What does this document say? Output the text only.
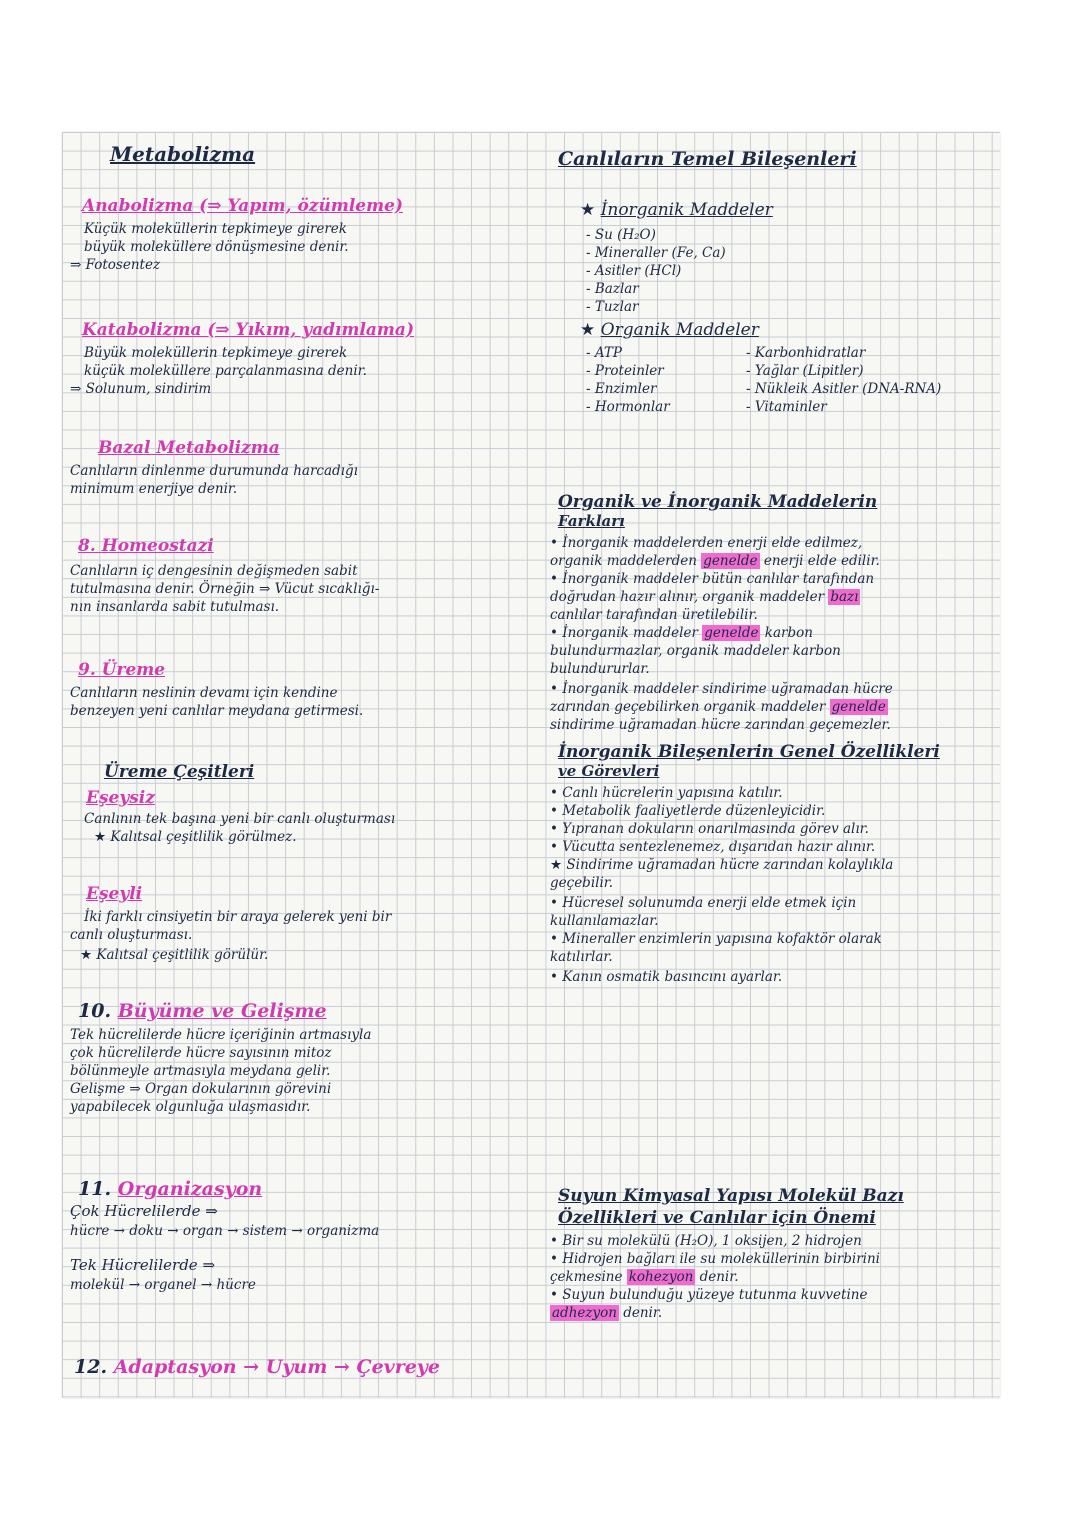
Metabolizma
Anabolizma (⇒ Yapım, özümleme)
Küçük moleküllerin tepkimeye girerek
büyük moleküllere dönüşmesine denir.
⇒ Fotosentez
Katabolizma (⇒ Yıkım, yadımlama)
Büyük moleküllerin tepkimeye girerek
küçük moleküllere parçalanmasına denir.
⇒ Solunum, sindirim
Bazal Metabolizma
Canlıların dinlenme durumunda harcadığı
minimum enerjiye denir.
8. Homeostazi
Canlıların iç dengesinin değişmeden sabit
tutulmasına denir. Örneğin ⇒ Vücut sıcaklığı-
nın insanlarda sabit tutulması.
9. Üreme
Canlıların neslinin devamı için kendine
benzeyen yeni canlılar meydana getirmesi.
Üreme Çeşitleri
Eşeysiz
Canlının tek başına yeni bir canlı oluşturması
★ Kalıtsal çeşitlilik görülmez.
Eşeyli
İki farklı cinsiyetin bir araya gelerek yeni bir
canlı oluşturması.
★ Kalıtsal çeşitlilik görülür.
10. Büyüme ve Gelişme
Tek hücrelilerde hücre içeriğinin artmasıyla
çok hücrelilerde hücre sayısının mitoz
bölünmeyle artmasıyla meydana gelir.
Gelişme ⇒ Organ dokularının görevini
yapabilecek olgunluğa ulaşmasıdır.
11. Organizasyon
Çok Hücrelilerde ⇒
hücre → doku → organ → sistem → organizma
Tek Hücrelilerde ⇒
molekül → organel → hücre
12. Adaptasyon → Uyum → Çevreye
Canlıların Temel Bileşenleri
★ İnorganik Maddeler
- Su (H₂O)
- Mineraller (Fe, Ca)
- Asitler (HCl)
- Bazlar
- Tuzlar
★ Organik Maddeler
- ATP
- Proteinler
- Enzimler
- Hormonlar
- Karbonhidratlar
- Yağlar (Lipitler)
- Nükleik Asitler (DNA-RNA)
- Vitaminler
Organik ve İnorganik Maddelerin
Farkları
• İnorganik maddelerden enerji elde edilmez,
organik maddelerden genelde enerji elde edilir.
• İnorganik maddeler bütün canlılar tarafından
doğrudan hazır alınır, organik maddeler bazı
canlılar tarafından üretilebilir.
• İnorganik maddeler genelde karbon
bulundurmazlar, organik maddeler karbon
bulundururlar.
• İnorganik maddeler sindirime uğramadan hücre
zarından geçebilirken organik maddeler genelde
sindirime uğramadan hücre zarından geçemezler.
İnorganik Bileşenlerin Genel Özellikleri
ve Görevleri
• Canlı hücrelerin yapısına katılır.
• Metabolik faaliyetlerde düzenleyicidir.
• Yıpranan dokuların onarılmasında görev alır.
• Vücutta sentezlenemez, dışarıdan hazır alınır.
★ Sindirime uğramadan hücre zarından kolaylıkla
geçebilir.
• Hücresel solunumda enerji elde etmek için
kullanılamazlar.
• Mineraller enzimlerin yapısına kofaktör olarak
katılırlar.
• Kanın osmatik basıncını ayarlar.
Suyun Kimyasal Yapısı Molekül Bazı
Özellikleri ve Canlılar için Önemi
• Bir su molekülü (H₂O), 1 oksijen, 2 hidrojen
• Hidrojen bağları ile su moleküllerinin birbirini
çekmesine kohezyon denir.
• Suyun bulunduğu yüzeye tutunma kuvvetine
adhezyon denir.
